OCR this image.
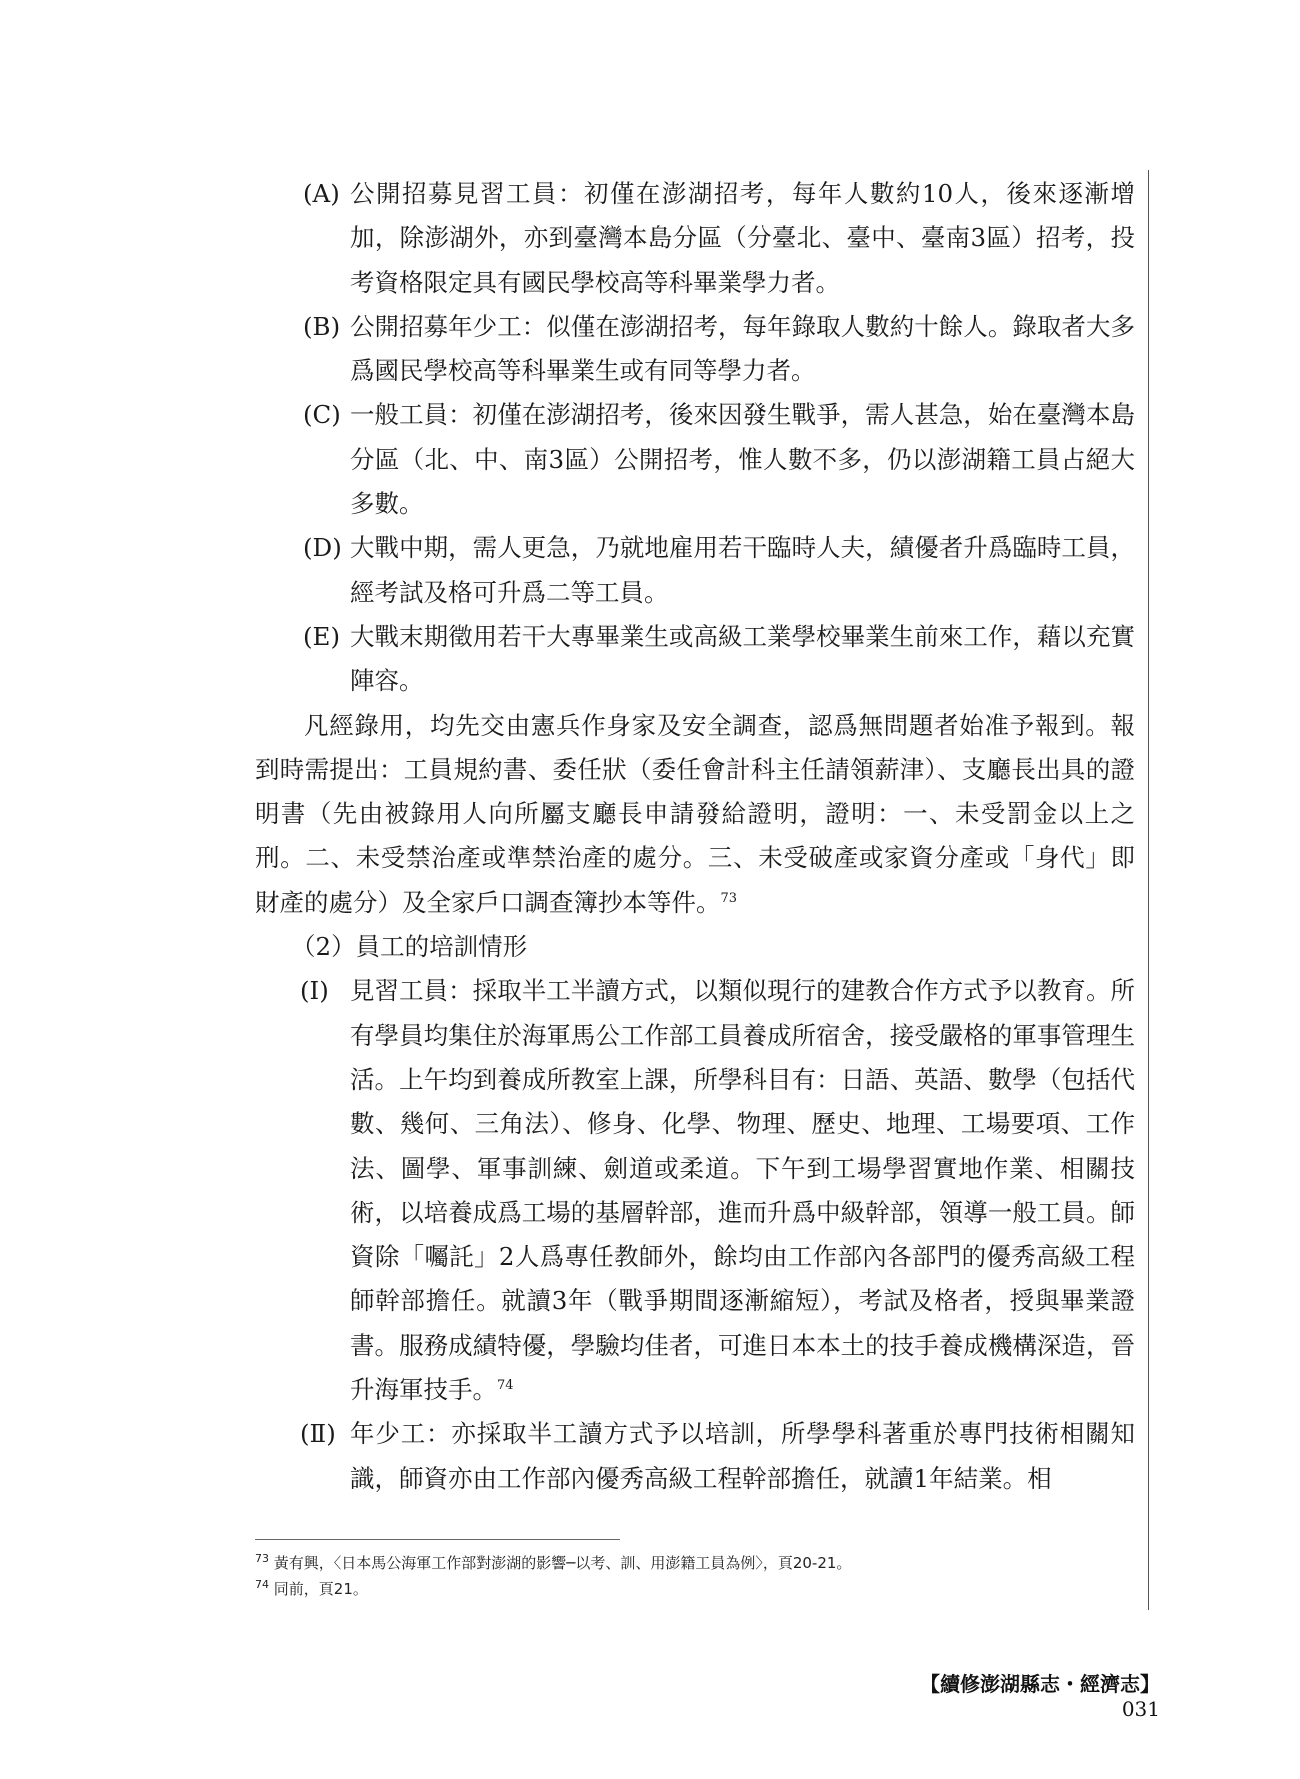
(A) 公開招募見習工員：初僅在澎湖招考，每年人數約10人，後來逐漸增加，除澎湖外，亦到臺灣本島分區（分臺北、臺中、臺南3區）招考，投考資格限定具有國民學校高等科畢業學力者。
(B) 公開招募年少工：似僅在澎湖招考，每年錄取人數約十餘人。錄取者大多爲國民學校高等科畢業生或有同等學力者。
(C) 一般工員：初僅在澎湖招考，後來因發生戰爭，需人甚急，始在臺灣本島分區（北、中、南3區）公開招考，惟人數不多，仍以澎湖籍工員占絕大多數。
(D) 大戰中期，需人更急，乃就地雇用若干臨時人夫，績優者升爲臨時工員，經考試及格可升爲二等工員。
(E) 大戰末期徵用若干大專畢業生或高級工業學校畢業生前來工作，藉以充實陣容。
凡經錄用，均先交由憲兵作身家及安全調查，認爲無問題者始准予報到。報到時需提出：工員規約書、委任狀（委任會計科主任請領薪津）、支廳長出具的證明書（先由被錄用人向所屬支廳長申請發給證明，證明：一、未受罰金以上之刑。二、未受禁治產或準禁治產的處分。三、未受破產或家資分產或「身代」即財產的處分）及全家戶口調查簿抄本等件。$^{73}$
（2）員工的培訓情形
(Ⅰ) 見習工員：採取半工半讀方式，以類似現行的建教合作方式予以教育。所有學員均集住於海軍馬公工作部工員養成所宿舍，接受嚴格的軍事管理生活。上午均到養成所教室上課，所學科目有：日語、英語、數學（包括代數、幾何、三角法）、修身、化學、物理、歷史、地理、工場要項、工作法、圖學、軍事訓練、劍道或柔道。下午到工場學習實地作業、相關技術，以培養成爲工場的基層幹部，進而升爲中級幹部，領導一般工員。師資除「囑託」2人爲專任教師外，餘均由工作部內各部門的優秀高級工程師幹部擔任。就讀3年（戰爭期間逐漸縮短），考試及格者，授與畢業證書。服務成績特優，學驗均佳者，可進日本本土的技手養成機構深造，晉升海軍技手。$^{74}$
(Ⅱ) 年少工：亦採取半工讀方式予以培訓，所學學科著重於專門技術相關知識，師資亦由工作部內優秀高級工程幹部擔任，就讀1年結業。相
$^{73}$ 黃有興，〈日本馬公海軍工作部對澎湖的影響─以考、訓、用澎籍工員為例〉，頁20-21。
$^{74}$ 同前，頁21。
【續修澎湖縣志・經濟志】031
